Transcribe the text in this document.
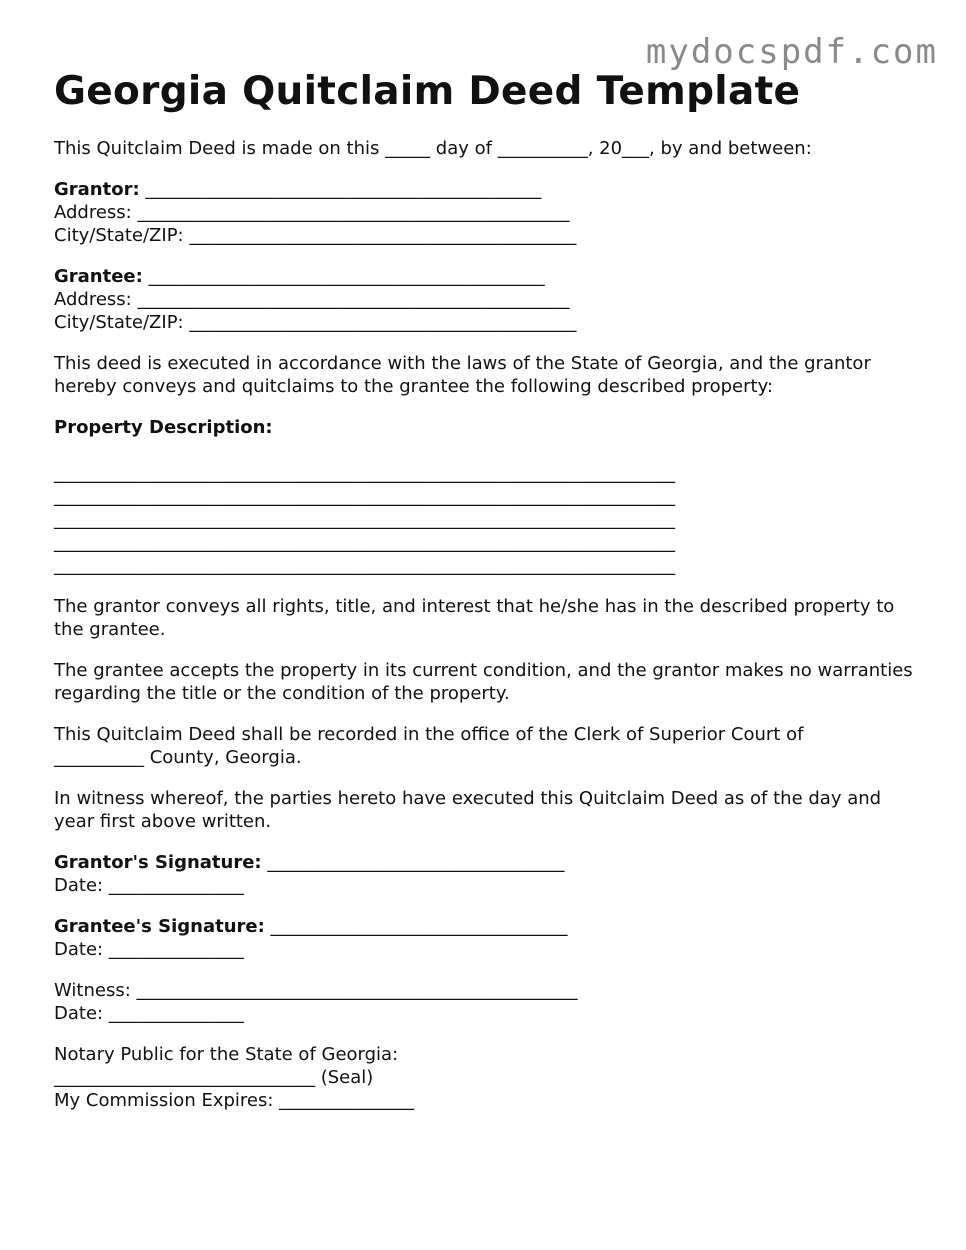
mydocspdf.com
Georgia Quitclaim Deed Template

This Quitclaim Deed is made on this _____ day of __________, 20___, by and between:

Grantor: ____________________________________________

Address: ________________________________________________

City/State/ZIP: ___________________________________________

Grantee: ____________________________________________

Address: ________________________________________________

City/State/ZIP: ___________________________________________

This deed is executed in accordance with the laws of the State of Georgia, and the grantor hereby conveys and quitclaims to the grantee the following described property:

Property Description:

_____________________________________________________________________

_____________________________________________________________________

_____________________________________________________________________

_____________________________________________________________________

_____________________________________________________________________

The grantor conveys all rights, title, and interest that he/she has in the described property to the grantee.

The grantee accepts the property in its current condition, and the grantor makes no warranties regarding the title or the condition of the property.

This Quitclaim Deed shall be recorded in the office of the Clerk of Superior Court of

__________ County, Georgia.

In witness whereof, the parties hereto have executed this Quitclaim Deed as of the day and year first above written.

Grantor's Signature: _________________________________

Date: _______________

Grantee's Signature: _________________________________

Date: _______________

Witness: _________________________________________________

Date: _______________

Notary Public for the State of Georgia:

_____________________________ (Seal)

My Commission Expires: _______________
